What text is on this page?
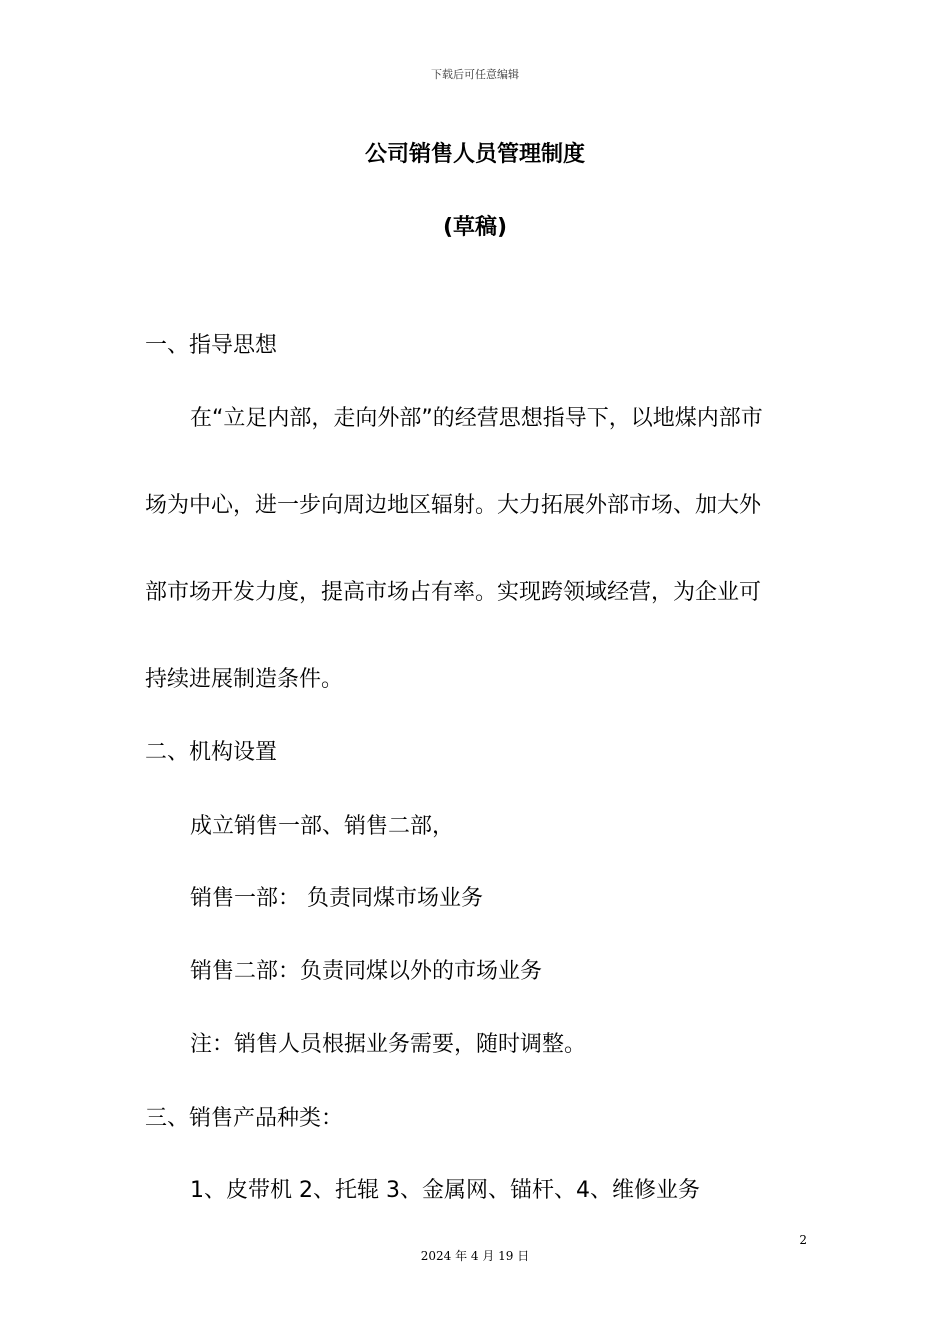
下载后可任意编辑
公司销售人员管理制度
(草稿)
一、指导思想
在“立足内部，走向外部”的经营思想指导下，以地煤内部市
场为中心，进一步向周边地区辐射。大力拓展外部市场、加大外
部市场开发力度，提高市场占有率。实现跨领域经营，为企业可
持续进展制造条件。
二、机构设置
成立销售一部、销售二部，
销售一部： 负责同煤市场业务
销售二部：负责同煤以外的市场业务
注：销售人员根据业务需要，随时调整。
三、销售产品种类：
1、皮带机 2、托辊 3、金属网、锚杆、4、维修业务
2
2024 年 4 月 19 日
